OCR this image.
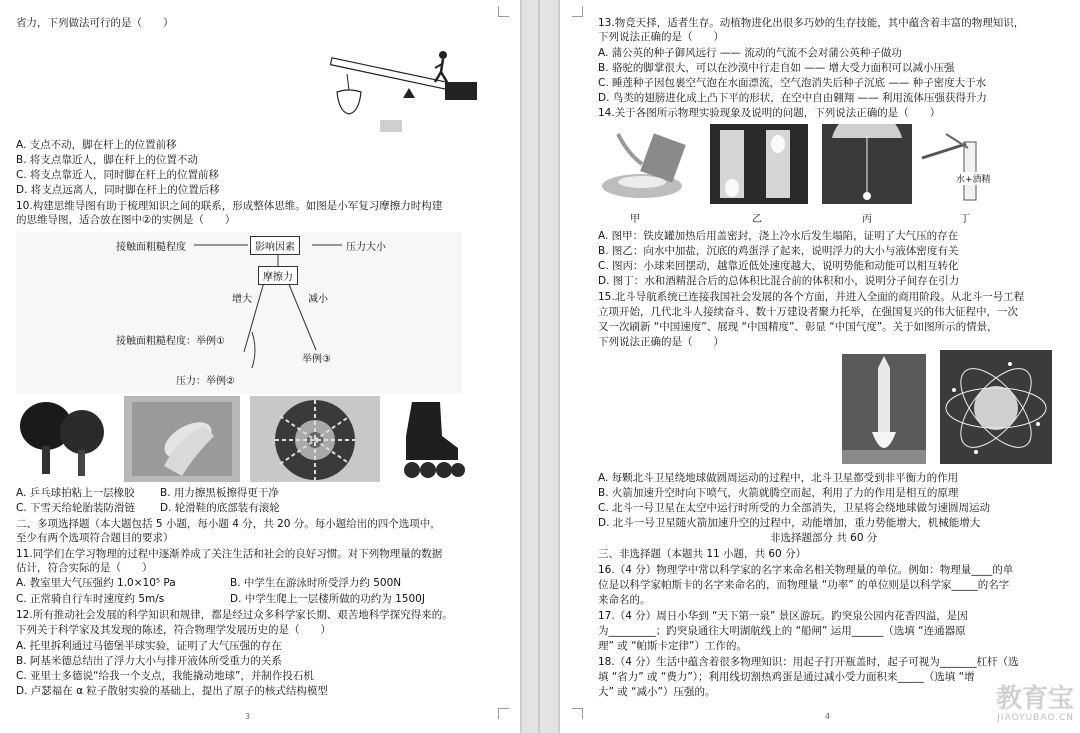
省力，下列做法可行的是（　　）
A. 支点不动，脚在杆上的位置前移
B. 将支点靠近人，脚在杆上的位置不动
C. 将支点靠近人，同时脚在杆上的位置前移
D. 将支点远离人，同时脚在杆上的位置后移
10.构建思维导图有助于梳理知识之间的联系，形成整体思维。如图是小军复习摩擦力时构建
的思维导图，适合放在图中②的实例是（　　）
接触面粗糙程度	影响因素	压力大小
摩擦力
增大	减小
接触面粗糙程度：举例①
举例③
压力：举例②
A. 乒乓球拍粘上一层橡胶 B. 用力擦黑板擦得更干净
C. 下雪天给轮胎装防滑链 D. 轮滑鞋的底部装有滚轮
二、多项选择题（本大题包括 5 小题，每小题 4 分，共 20 分。每小题给出的四个选项中，
至少有两个选项符合题目的要求）
11.同学们在学习物理的过程中逐渐养成了关注生活和社会的良好习惯。对下列物理量的数据
估计，符合实际的是（　　）
A. 教室里大气压强约 1.0×10⁵ Pa	B. 中学生在游泳时所受浮力约 500N
C. 正常骑自行车时速度约 5m/s	D. 中学生爬上一层楼所做的功约为 1500J
12.所有推动社会发展的科学知识和规律，都是经过众多科学家长期、艰苦地科学探究得来的。
下列关于科学家及其发现的陈述，符合物理学发展历史的是（　　）
A. 托里拆利通过马德堡半球实验，证明了大气压强的存在
B. 阿基米德总结出了浮力大小与排开液体所受重力的关系
C. 亚里士多德说“给我一个支点，我能撬动地球”，并制作投石机
D. 卢瑟福在 α 粒子散射实验的基础上，提出了原子的核式结构模型
3
13.物竞天择，适者生存。动植物进化出很多巧妙的生存技能，其中蕴含着丰富的物理知识，
下列说法正确的是（　　）
A. 蒲公英的种子御风远行 —— 流动的气流不会对蒲公英种子做功
B. 骆驼的脚掌很大，可以在沙漠中行走自如 —— 增大受力面积可以减小压强
C. 睡莲种子因包裹空气泡在水面漂流，空气泡消失后种子沉底 —— 种子密度大于水
D. 鸟类的翅膀进化成上凸下平的形状，在空中自由翱翔 —— 利用流体压强获得升力
14.关于各图所示物理实验现象及说明的问题，下列说法正确的是（　　）
水+酒精
甲	乙	丙	丁
A. 图甲：铁皮罐加热后用盖密封，浇上冷水后发生塌陷，证明了大气压的存在
B. 图乙：向水中加盐，沉底的鸡蛋浮了起来，说明浮力的大小与液体密度有关
C. 图丙：小球来回摆动，越靠近低处速度越大，说明势能和动能可以相互转化
D. 图丁：水和酒精混合后的总体积比混合前的体积和小，说明分子间存在引力
15.北斗导航系统已连接我国社会发展的各个方面，并进入全面的商用阶段。从北斗一号工程
立项开始，几代北斗人接续奋斗、数十万建设者聚力托举，在强国复兴的伟大征程中，一次
又一次刷新 “中国速度”、展现 “中国精度”、彰显 “中国气度”。关于如图所示的情景，
下列说法正确的是（　　）
A. 每颗北斗卫星绕地球做圆周运动的过程中，北斗卫星都受到非平衡力的作用
B. 火箭加速升空时向下喷气，火箭就腾空而起，利用了力的作用是相互的原理
C. 北斗一号卫星在太空中运行时所受的力全部消失，卫星将会绕地球做匀速圆周运动
D. 北斗一号卫星随火箭加速升空的过程中，动能增加，重力势能增大，机械能增大
非选择题部分 共 60 分
三、非选择题（本题共 11 小题，共 60 分）
16.（4 分）物理学中常以科学家的名字来命名相关物理量的单位。例如：物理量____的单
位是以科学家帕斯卡的名字来命名的，而物理量 “功率” 的单位则是以科学家_____的名字
来命名的。
17.（4 分）周日小华到 “天下第一泉” 景区游玩。趵突泉公园内花香四溢，是因
为_________；趵突泉通往大明湖航线上的 “船闸” 运用______（选填 “连通器原
理” 或 “帕斯卡定律”）工作的。
18.（4 分）生活中蕴含着很多物理知识：用起子打开瓶盖时，起子可视为_______杠杆（选
填 “省力” 或 “费力”）；利用线切割热鸡蛋是通过减小受力面积来_____（选填 “增
大” 或 “减小”）压强的。	教育宝
JIAOYUBAO.CN
4
